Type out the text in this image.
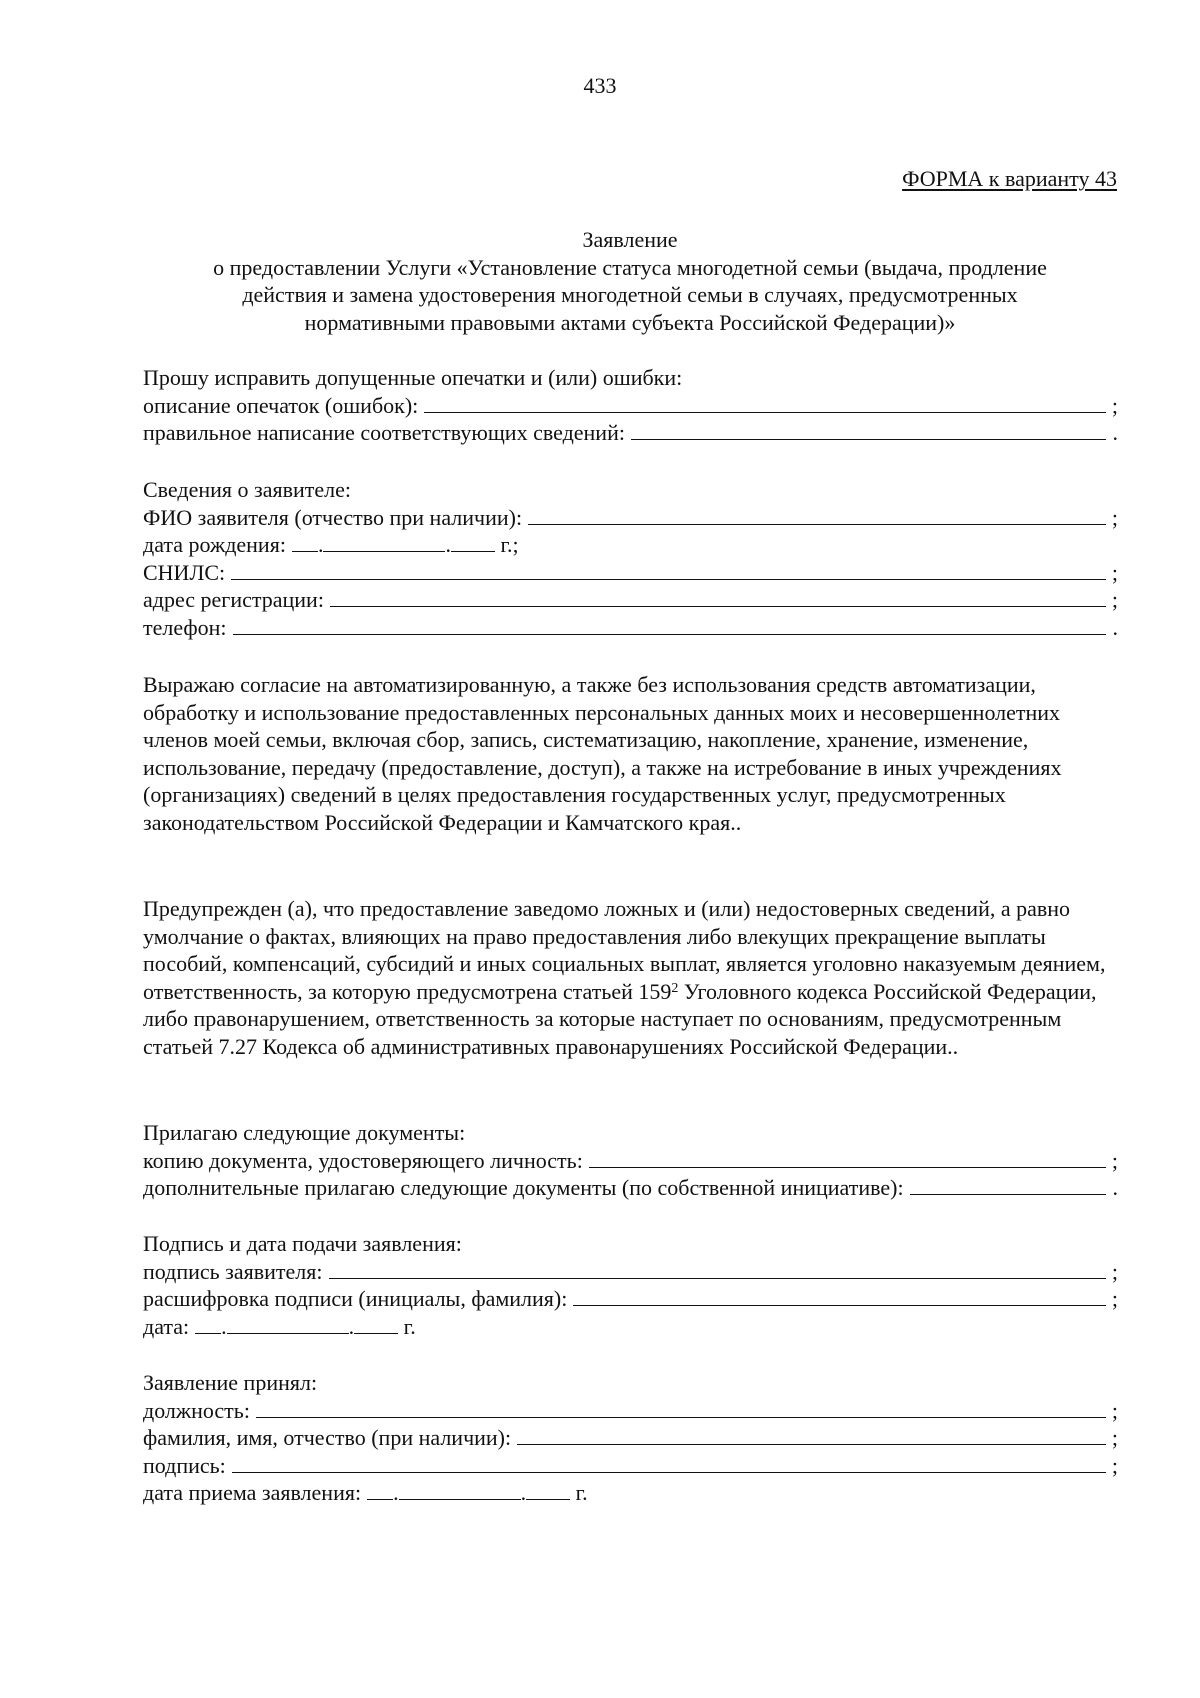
433
ФОРМА к варианту 43
Заявление
о предоставлении Услуги «Установление статуса многодетной семьи (выдача, продление
действия и замена удостоверения многодетной семьи в случаях, предусмотренных
нормативными правовыми актами субъекта Российской Федерации)»
Прошу исправить допущенные опечатки и (или) ошибки:
описание опечаток (ошибок):	;
правильное написание соответствующих сведений:	.
Сведения о заявителе:
ФИО заявителя (отчество при наличии):	;
дата рождения:	.	. г.;
СНИЛС:	;
адрес регистрации:	;
телефон:	.
Выражаю согласие на автоматизированную, а также без использования средств автоматизации, обработку и использование предоставленных персональных данных моих и несовершеннолетних членов моей семьи, включая сбор, запись, систематизацию, накопление, хранение, изменение, использование, передачу (предоставление, доступ), а также на истребование в иных учреждениях (организациях) сведений в целях предоставления государственных услуг, предусмотренных законодательством Российской Федерации и Камчатского края..
Предупрежден (а), что предоставление заведомо ложных и (или) недостоверных сведений, а равно умолчание о фактах, влияющих на право предоставления либо влекущих прекращение выплаты пособий, компенсаций, субсидий и иных социальных выплат, является уголовно наказуемым деянием, ответственность, за которую предусмотрена статьей $159^2$ Уголовного кодекса Российской Федерации, либо правонарушением, ответственность за которые наступает по основаниям, предусмотренным статьей 7.27 Кодекса об административных правонарушениях Российской Федерации..
Прилагаю следующие документы:
копию документа, удостоверяющего личность:	;
дополнительные прилагаю следующие документы (по собственной инициативе):	.
Подпись и дата подачи заявления:
подпись заявителя:	;
расшифровка подписи (инициалы, фамилия):	;
дата:	.	. г.
Заявление принял:
должность:	;
фамилия, имя, отчество (при наличии):	;
подпись:	;
дата приема заявления:	.	. г.
